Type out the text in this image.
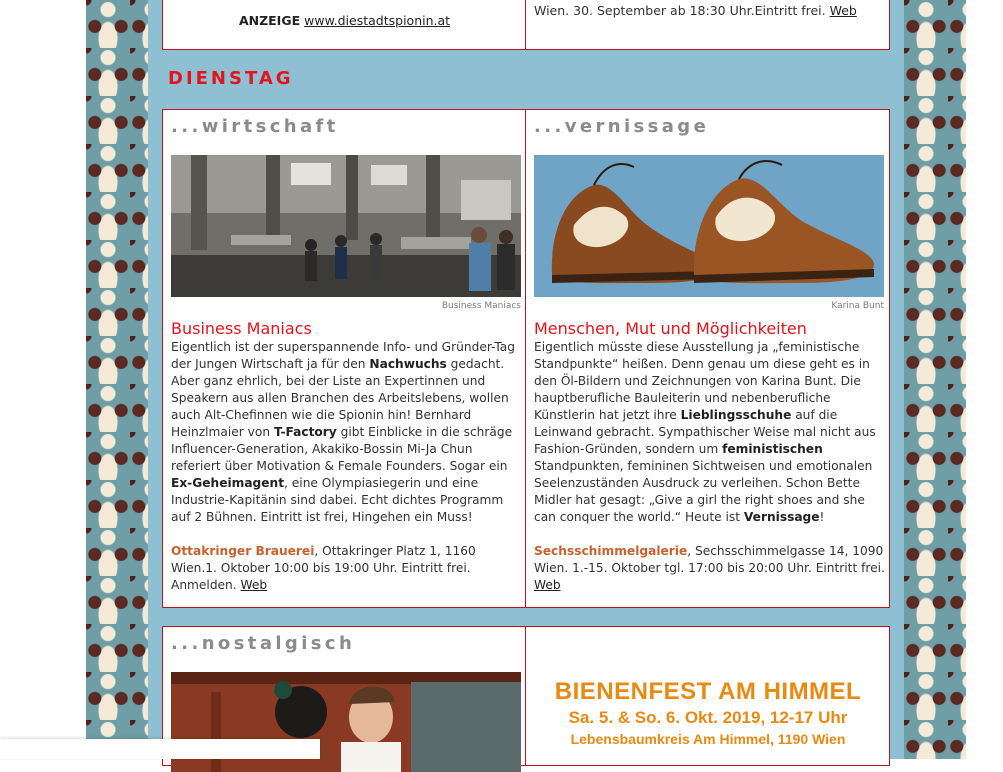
ANZEIGE www.diestadtspionin.at

Wien. 30. September ab 18:30 Uhr.Eintritt frei. Web

DIENSTAG
...wirtschaft
Business Maniacs
Business Maniacs

Eigentlich ist der superspannende Info- und Gründer-Tag der Jungen Wirtschaft ja für den Nachwuchs gedacht. Aber ganz ehrlich, bei der Liste an Expertinnen und Speakern aus allen Branchen des Arbeitslebens, wollen auch Alt-Chefinnen wie die Spionin hin! Bernhard Heinzlmaier von T-Factory gibt Einblicke in die schräge Influencer-Generation, Akakiko-Bossin Mi-Ja Chun referiert über Motivation & Female Founders. Sogar ein Ex-Geheimagent, eine Olympiasiegerin und eine Industrie-Kapitänin sind dabei. Echt dichtes Programm auf 2 Bühnen. Eintritt ist frei, Hingehen ein Muss!

Ottakringer Brauerei, Ottakringer Platz 1, 1160 Wien.1. Oktober 10:00 bis 19:00 Uhr. Eintritt frei. Anmelden. Web

...vernissage
Karina Bunt
Menschen, Mut und Möglichkeiten

Eigentlich müsste diese Ausstellung ja „feministische Standpunkte“ heißen. Denn genau um diese geht es in den Öl-Bildern und Zeichnungen von Karina Bunt. Die hauptberufliche Bauleiterin und nebenberufliche Künstlerin hat jetzt ihre Lieblingsschuhe auf die Leinwand gebracht. Sympathischer Weise mal nicht aus Fashion-Gründen, sondern um feministischen Standpunkten, femininen Sichtweisen und emotionalen Seelenzuständen Ausdruck zu verleihen. Schon Bette Midler hat gesagt: „Give a girl the right shoes and she can conquer the world.“ Heute ist Vernissage!

Sechsschimmelgalerie, Sechsschimmelgasse 14, 1090 Wien. 1.-15. Oktober tgl. 17:00 bis 20:00 Uhr. Eintritt frei. Web

...nostalgisch
BIENENFEST AM HIMMEL
Sa. 5. & So. 6. Okt. 2019, 12-17 Uhr
Lebensbaumkreis Am Himmel, 1190 Wien
